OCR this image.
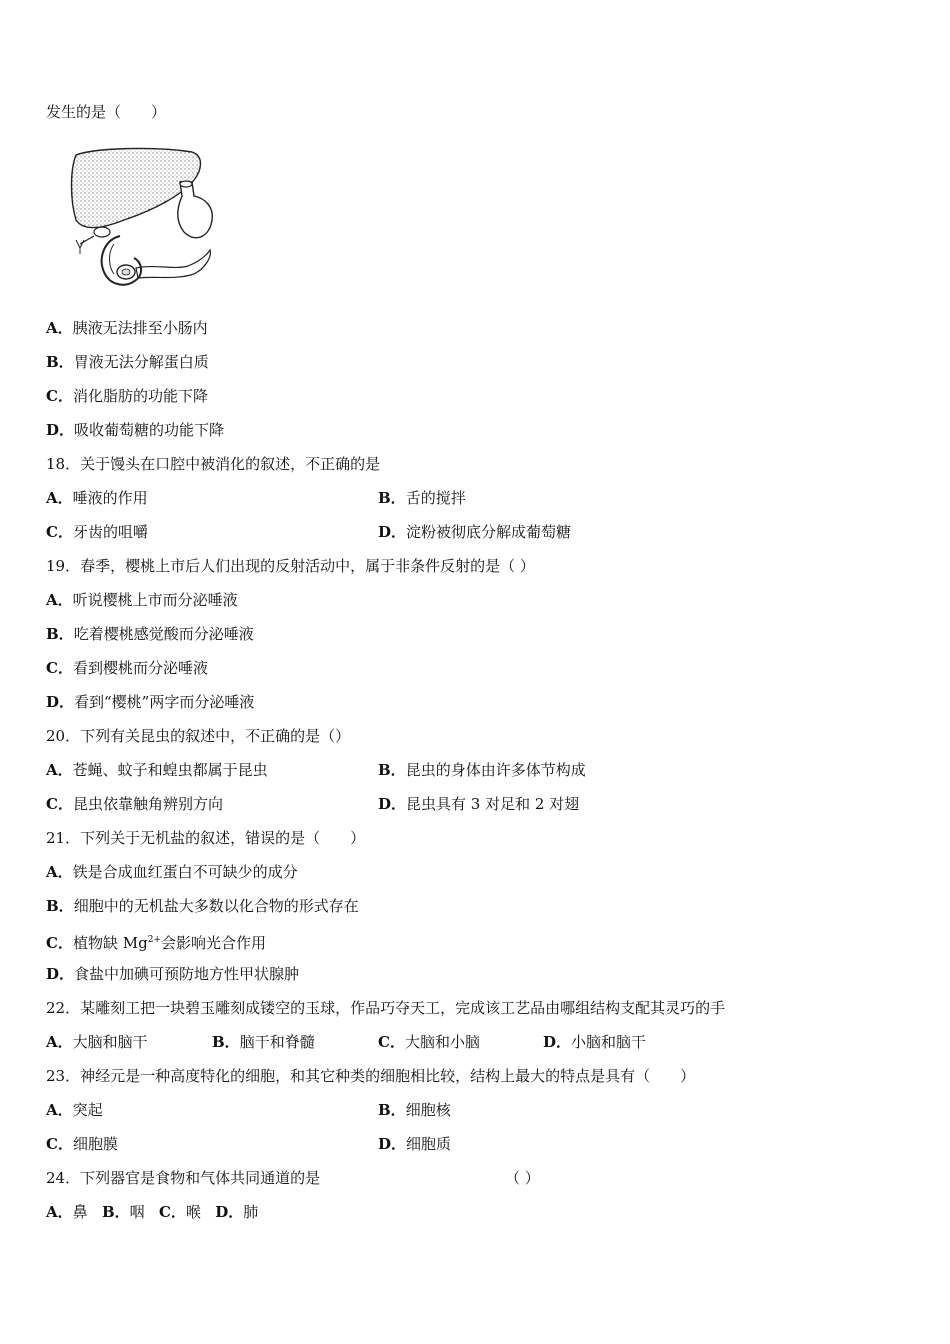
发生的是（　　）
A．胰液无法排至小肠内
B．胃液无法分解蛋白质
C．消化脂肪的功能下降
D．吸收葡萄糖的功能下降
18．关于馒头在口腔中被消化的叙述，不正确的是
A．唾液的作用	B．舌的搅拌
C．牙齿的咀嚼	D．淀粉被彻底分解成葡萄糖
19．春季，樱桃上市后人们出现的反射活动中，属于非条件反射的是（ ）
A．听说樱桃上市而分泌唾液
B．吃着樱桃感觉酸而分泌唾液
C．看到樱桃而分泌唾液
D．看到“樱桃”两字而分泌唾液
20．下列有关昆虫的叙述中，不正确的是（）
A．苍蝇、蚊子和蝗虫都属于昆虫	B．昆虫的身体由许多体节构成
C．昆虫依靠触角辨别方向	D．昆虫具有 3 对足和 2 对翅
21．下列关于无机盐的叙述，错误的是（　　）
A．铁是合成血红蛋白不可缺少的成分
B．细胞中的无机盐大多数以化合物的形式存在
C．植物缺 $Mg^{2+}$会影响光合作用
D．食盐中加碘可预防地方性甲状腺肿
22．某雕刻工把一块碧玉雕刻成镂空的玉球，作品巧夺天工，完成该工艺品由哪组结构支配其灵巧的手
A．大脑和脑干	B．脑干和脊髓	C．大脑和小脑	D．小脑和脑干
23．神经元是一种高度特化的细胞，和其它种类的细胞相比较，结构上最大的特点是具有（　　）
A．突起	B．细胞核
C．细胞膜	D．细胞质
24．下列器官是食物和气体共同通道的是	（ ）
A．鼻 B．咽 C．喉 D．肺
